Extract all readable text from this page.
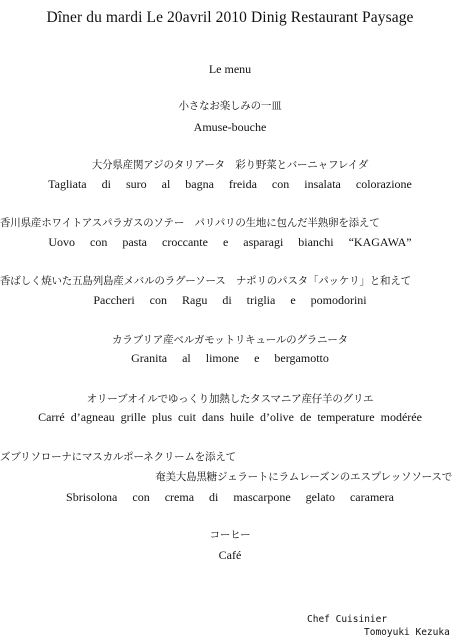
Dîner du mardi Le 20avril 2010 Dinig Restaurant Paysage
Le menu
小さなお楽しみの一皿
Amuse-bouche
大分県産関アジのタリアータ　彩り野菜とバーニャフレイダ
Tagliata di suro al bagna freida con insalata colorazione
香川県産ホワイトアスパラガスのソテー　パリパリの生地に包んだ半熟卵を添えて
Uovo con pasta croccante e asparagi bianchi “KAGAWA”
香ばしく焼いた五島列島産メバルのラグーソース　ナポリのパスタ「パッケリ」と和えて
Paccheri con Ragu di triglia e pomodorini
カラブリア産ベルガモットリキュールのグラニータ
Granita al limone e bergamotto
オリーブオイルでゆっくり加熱したタスマニア産仔羊のグリエ
Carré d’agneau grille plus cuit dans huile d’olive de temperature modérée
ズブリソローナにマスカルポーネクリームを添えて
奄美大島黒糖ジェラートにラムレーズンのエスプレッソソースで
Sbrisolona con crema di mascarpone gelato caramera
コーヒー
Café
Chef Cuisinier
Tomoyuki Kezuka
